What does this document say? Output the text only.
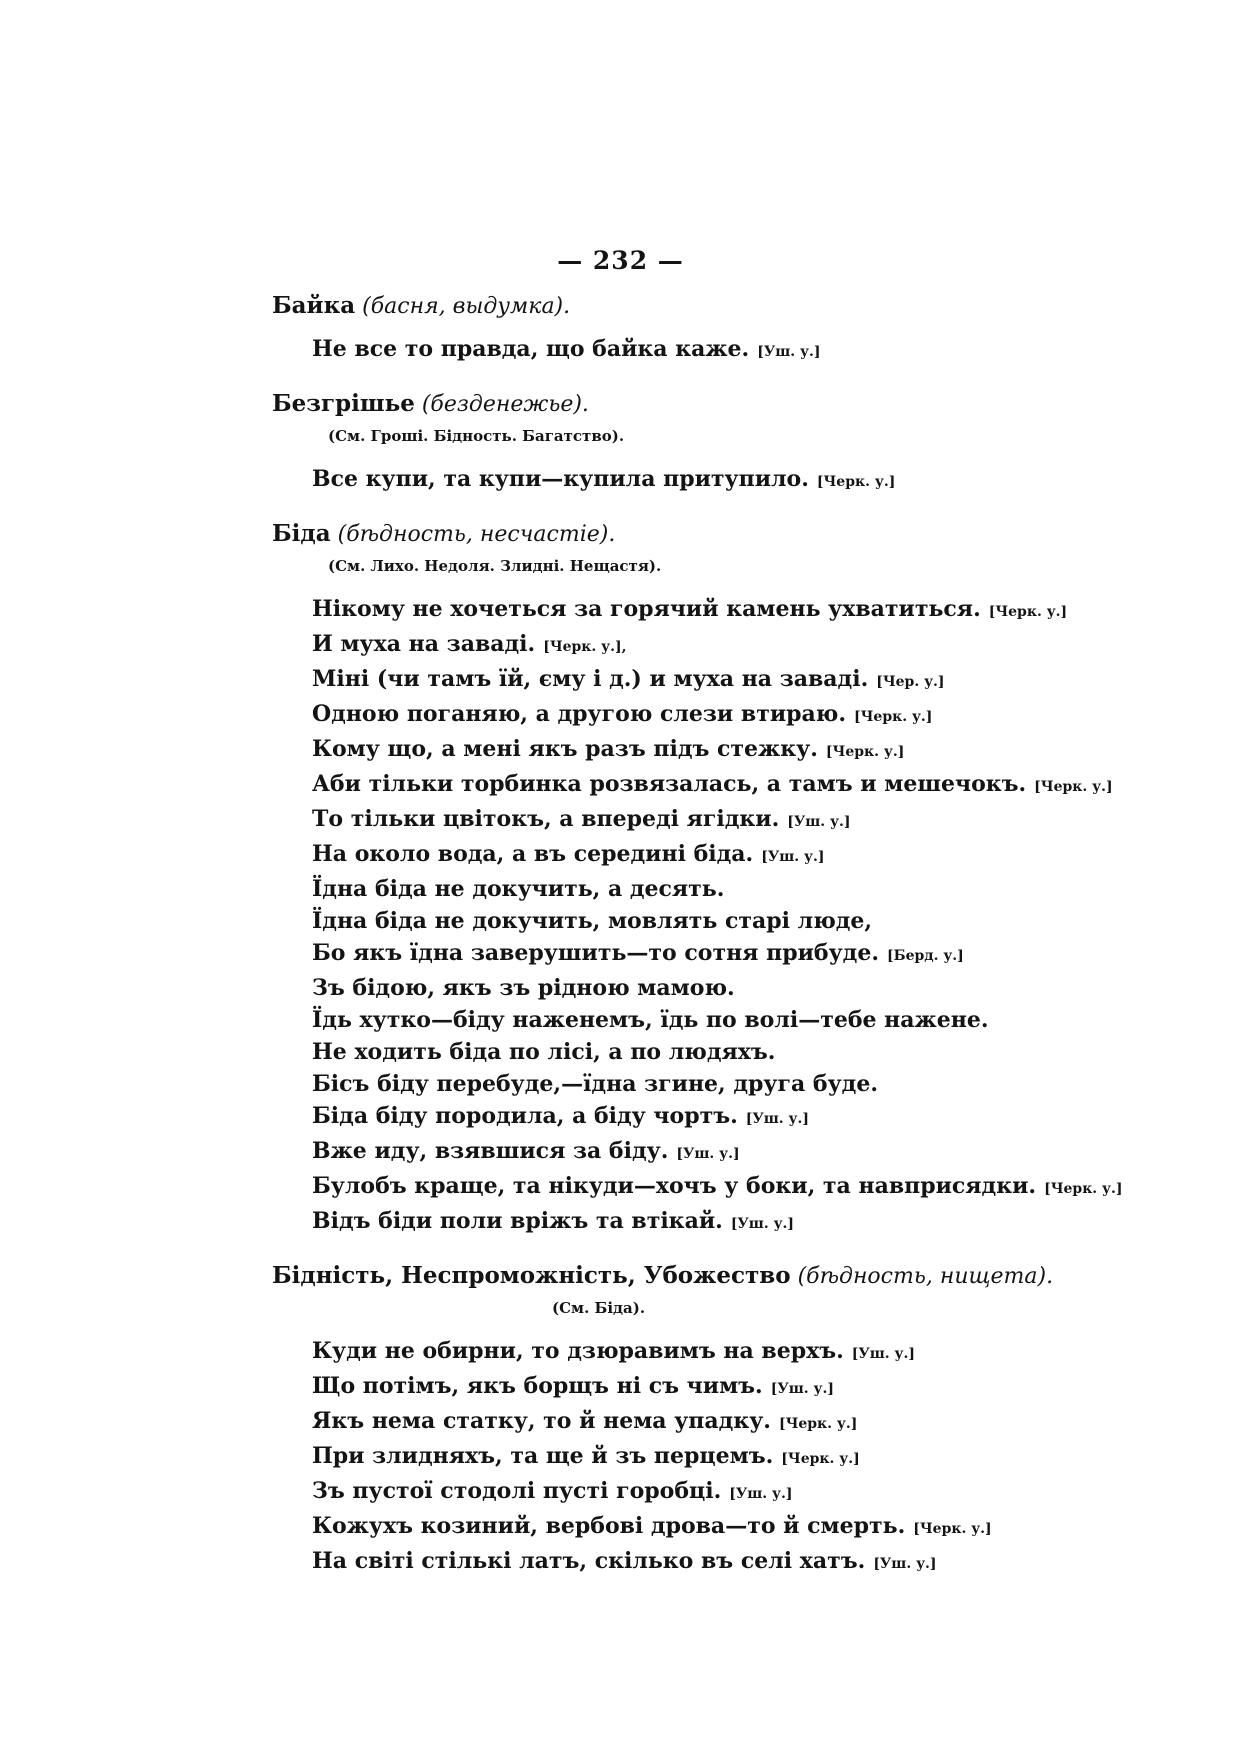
— 232 —
Байка (басня, выдумка).
Не все то правда, що байка каже. [Уш. у.]
Безгрішье (безденежье).
(См. Гроші. Бідность. Багатство).
Все купи, та купи—купила притупило. [Черк. у.]
Біда (бѣдность, несчастіе).
(См. Лихо. Недоля. Злидні. Нещастя).
Нікому не хочеться за горячий камень ухватиться. [Черк. у.]
И муха на заваді. [Черк. у.],
Міні (чи тамъ їй, єму і д.) и муха на заваді. [Чер. у.]
Одною поганяю, а другою слези втираю. [Черк. у.]
Кому що, а мені якъ разъ підъ стежку. [Черк. у.]
Аби тільки торбинка розвязалась, а тамъ и мешечокъ. [Черк. у.]
То тільки цвітокъ, а впереді ягідки. [Уш. у.]
На около вода, а въ середині біда. [Уш. у.]
Їдна біда не докучить, а десять.
Їдна біда не докучить, мовлять старі люде,
Бо якъ їдна заверушить—то сотня прибуде. [Берд. у.]
Зъ бідою, якъ зъ рідною мамою.
Їдь хутко—біду наженемъ, їдь по волі—тебе нажене.
Не ходить біда по лісі, а по людяхъ.
Бісъ біду перебуде,—їдна згине, друга буде.
Біда біду породила, а біду чортъ. [Уш. у.]
Вже иду, взявшися за біду. [Уш. у.]
Булобъ краще, та нікуди—хочъ у боки, та навприсядки. [Черк. у.]
Відъ біди поли вріжъ та втікай. [Уш. у.]
Бідність, Неспроможність, Убожество (бѣдность, нищета).
(См. Біда).
Куди не обирни, то дзюравимъ на верхъ. [Уш. у.]
Що потімъ, якъ борщъ ні съ чимъ. [Уш. у.]
Якъ нема статку, то й нема упадку. [Черк. у.]
При злидняхъ, та ще й зъ перцемъ. [Черк. у.]
Зъ пустої стодолі пусті горобці. [Уш. у.]
Кожухъ козиний, вербові дрова—то й смерть. [Черк. у.]
На світі стількі латъ, скілько въ селі хатъ. [Уш. у.]
